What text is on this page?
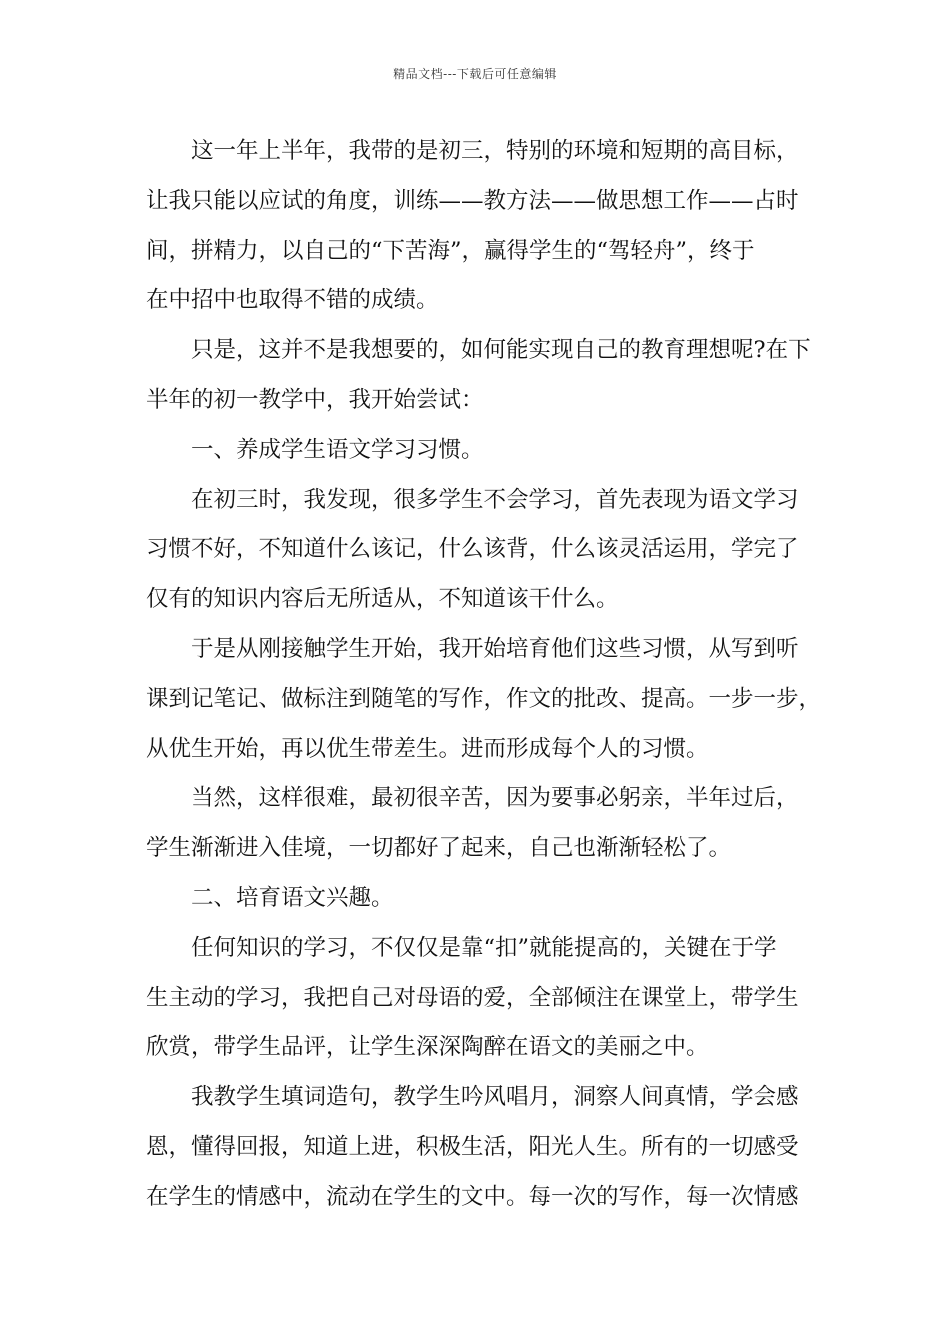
精品文档---下载后可任意编辑
这一年上半年，我带的是初三，特别的环境和短期的高目标，
让我只能以应试的角度，训练——教方法——做思想工作——占时
间，拼精力，以自己的“下苦海”，赢得学生的“驾轻舟”，终于
在中招中也取得不错的成绩。
只是，这并不是我想要的，如何能实现自己的教育理想呢?在下
半年的初一教学中，我开始尝试：
一、养成学生语文学习习惯。
在初三时，我发现，很多学生不会学习，首先表现为语文学习
习惯不好，不知道什么该记，什么该背，什么该灵活运用，学完了
仅有的知识内容后无所适从，不知道该干什么。
于是从刚接触学生开始，我开始培育他们这些习惯，从写到听
课到记笔记、做标注到随笔的写作，作文的批改、提高。一步一步，
从优生开始，再以优生带差生。进而形成每个人的习惯。
当然，这样很难，最初很辛苦，因为要事必躬亲，半年过后，
学生渐渐进入佳境，一切都好了起来，自己也渐渐轻松了。
二、培育语文兴趣。
任何知识的学习，不仅仅是靠“扣”就能提高的，关键在于学
生主动的学习，我把自己对母语的爱，全部倾注在课堂上，带学生
欣赏，带学生品评，让学生深深陶醉在语文的美丽之中。
我教学生填词造句，教学生吟风唱月，洞察人间真情，学会感
恩，懂得回报，知道上进，积极生活，阳光人生。所有的一切感受
在学生的情感中，流动在学生的文中。每一次的写作，每一次情感
